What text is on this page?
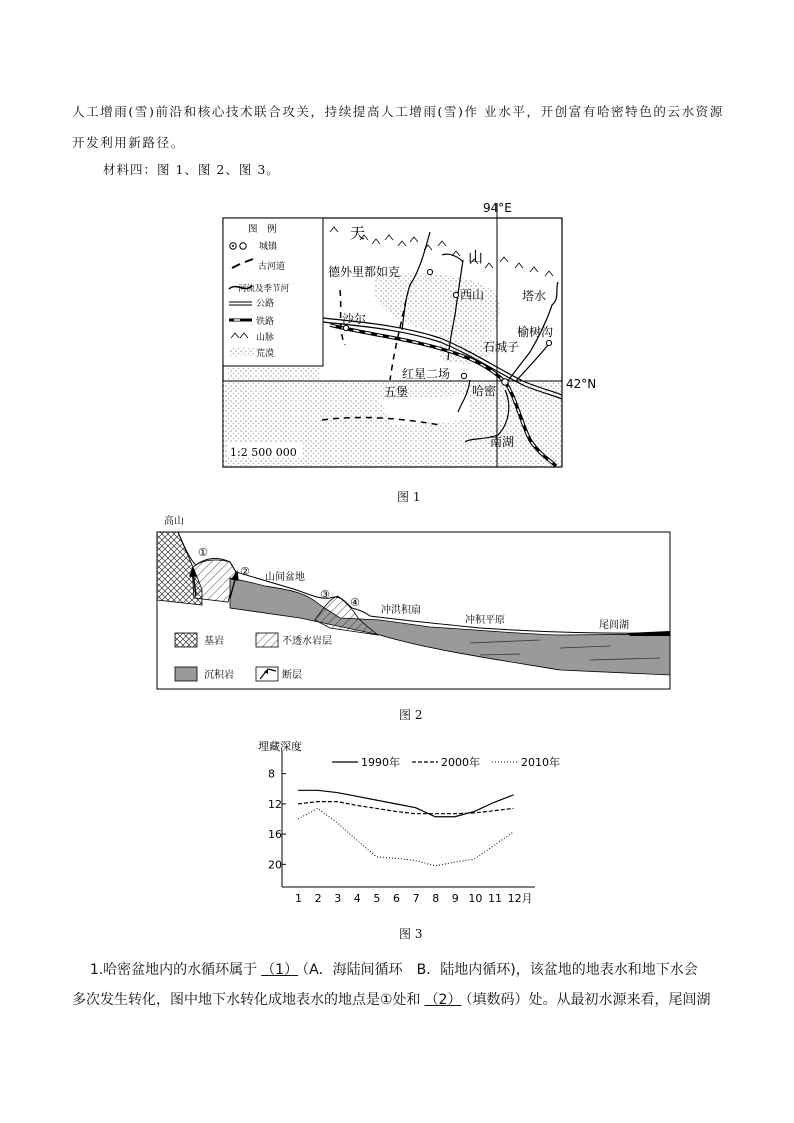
人工增雨(雪)前沿和核心技术联合攻关，持续提高人工增雨(雪)作 业水平，开创富有哈密特色的云水资源
开发利用新路径。
材料四：图 1、图 2、图 3。
图　例
城镇
古河道
河流及季节河
公路
铁路
山脉
荒漠
94°E
42°N
天
山
德外里都如克
西山	塔水
沙尔
榆树沟
石城子
红星二场
五堡	哈密
南湖
1:2 500 000
图 1
高山
①
② 山间盆地
③
④
冲洪积扇
冲积平原	尾闾湖
基岩	不透水岩层
沉积岩	断层
图 2
埋藏深度
8
12
16
20
1 2 3 4 5 6 7 8 9 10 11 12月
1990年	2000年	2010年
图 3
1.哈密盆地内的水循环属于 （1） （A．海陆间循环　B．陆地内循环)，该盆地的地表水和地下水会
多次发生转化，图中地下水转化成地表水的地点是①处和 （2） （填数码）处。从最初水源来看，尾闾湖
